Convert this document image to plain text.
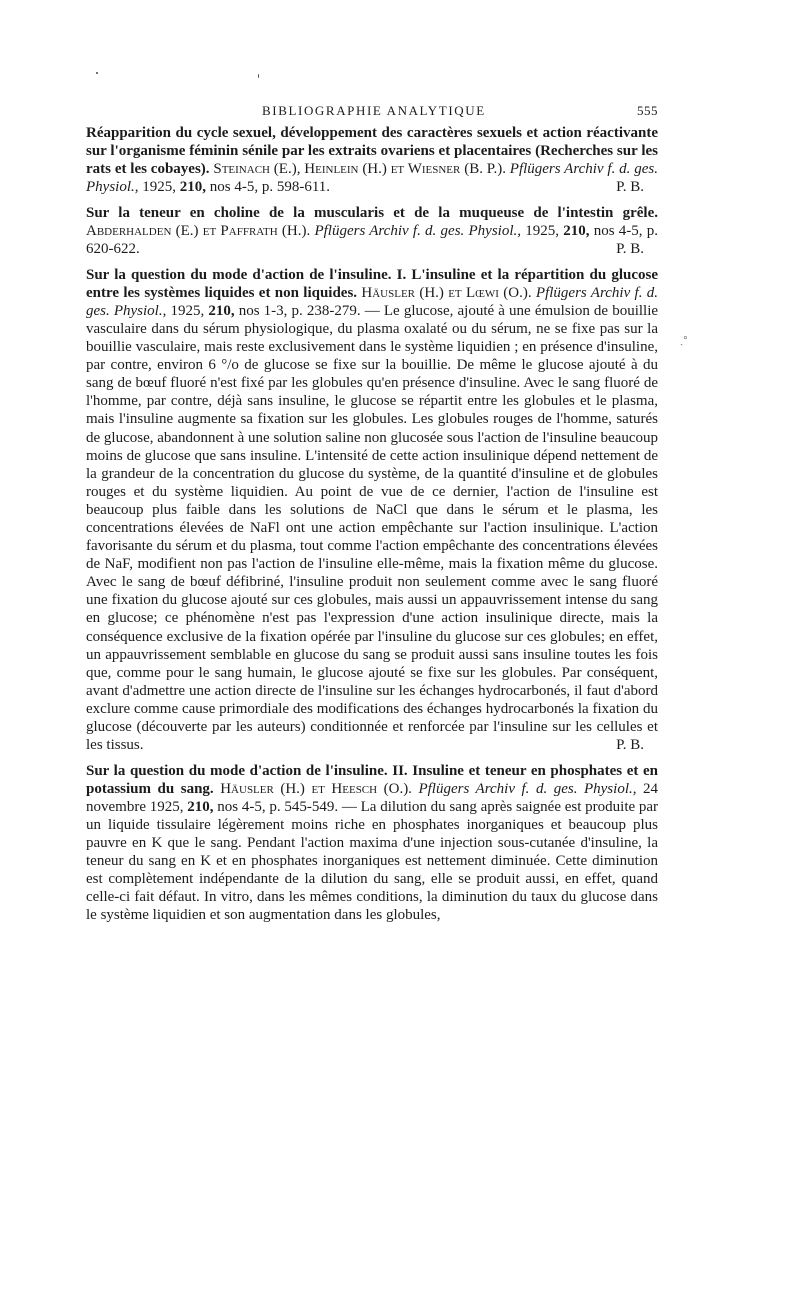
BIBLIOGRAPHIE ANALYTIQUE	555

Réapparition du cycle sexuel, développement des caractères sexuels et action réactivante sur l'organisme féminin sénile par les extraits ovariens et placentaires (Recherches sur les rats et les cobayes). Steinach (E.), Heinlein (H.) et Wiesner (B. P.). Pflügers Archiv f. d. ges. Physiol., 1925, 210, nos 4-5, p. 598-611.	P. B.

Sur la teneur en choline de la muscularis et de la muqueuse de l'intestin grêle. Abderhalden (E.) et Paffrath (H.). Pflügers Archiv f. d. ges. Physiol., 1925, 210, nos 4-5, p. 620-622.	P. B.

Sur la question du mode d'action de l'insuline. I. L'insuline et la répartition du glucose entre les systèmes liquides et non liquides. Häusler (H.) et Lœwi (O.). Pflügers Archiv f. d. ges. Physiol., 1925, 210, nos 1-3, p. 238-279. — Le glucose, ajouté à une émulsion de bouillie vasculaire dans du sérum physiologique, du plasma oxalaté ou du sérum, ne se fixe pas sur la bouillie vasculaire, mais reste exclusivement dans le système liquidien ; en présence d'insuline, par contre, environ 6 °/o de glucose se fixe sur la bouillie. De même le glucose ajouté à du sang de bœuf fluoré n'est fixé par les globules qu'en présence d'insuline. Avec le sang fluoré de l'homme, par contre, déjà sans insuline, le glucose se répartit entre les globules et le plasma, mais l'insuline augmente sa fixation sur les globules. Les globules rouges de l'homme, saturés de glucose, abandonnent à une solution saline non glucosée sous l'action de l'insuline beaucoup moins de glucose que sans insuline. L'intensité de cette action insulinique dépend nettement de la grandeur de la concentration du glucose du système, de la quantité d'insuline et de globules rouges et du système liquidien. Au point de vue de ce dernier, l'action de l'insuline est beaucoup plus faible dans les solutions de NaCl que dans le sérum et le plasma, les concentrations élevées de NaFl ont une action empêchante sur l'action insulinique. L'action favorisante du sérum et du plasma, tout comme l'action empêchante des concentrations élevées de NaF, modifient non pas l'action de l'insuline elle-même, mais la fixation même du glucose. Avec le sang de bœuf défibriné, l'insuline produit non seulement comme avec le sang fluoré une fixation du glucose ajouté sur ces globules, mais aussi un appauvrissement intense du sang en glucose; ce phénomène n'est pas l'expression d'une action insulinique directe, mais la conséquence exclusive de la fixation opérée par l'insuline du glucose sur ces globules; en effet, un appauvrissement semblable en glucose du sang se produit aussi sans insuline toutes les fois que, comme pour le sang humain, le glucose ajouté se fixe sur les globules. Par conséquent, avant d'admettre une action directe de l'insuline sur les échanges hydrocarbonés, il faut d'abord exclure comme cause primordiale des modifications des échanges hydrocarbonés la fixation du glucose (découverte par les auteurs) conditionnée et renforcée par l'insuline sur les cellules et les tissus.	P. B.

Sur la question du mode d'action de l'insuline. II. Insuline et teneur en phosphates et en potassium du sang. Häusler (H.) et Heesch (O.). Pflügers Archiv f. d. ges. Physiol., 24 novembre 1925, 210, nos 4-5, p. 545-549. — La dilution du sang après saignée est produite par un liquide tissulaire légèrement moins riche en phosphates inorganiques et beaucoup plus pauvre en K que le sang. Pendant l'action maxima d'une injection sous-cutanée d'insuline, la teneur du sang en K et en phosphates inorganiques est nettement diminuée. Cette diminution est complètement indépendante de la dilution du sang, elle se produit aussi, en effet, quand celle-ci fait défaut. In vitro, dans les mêmes conditions, la diminution du taux du glucose dans le système liquidien et son augmentation dans les globules,

ˏ°
